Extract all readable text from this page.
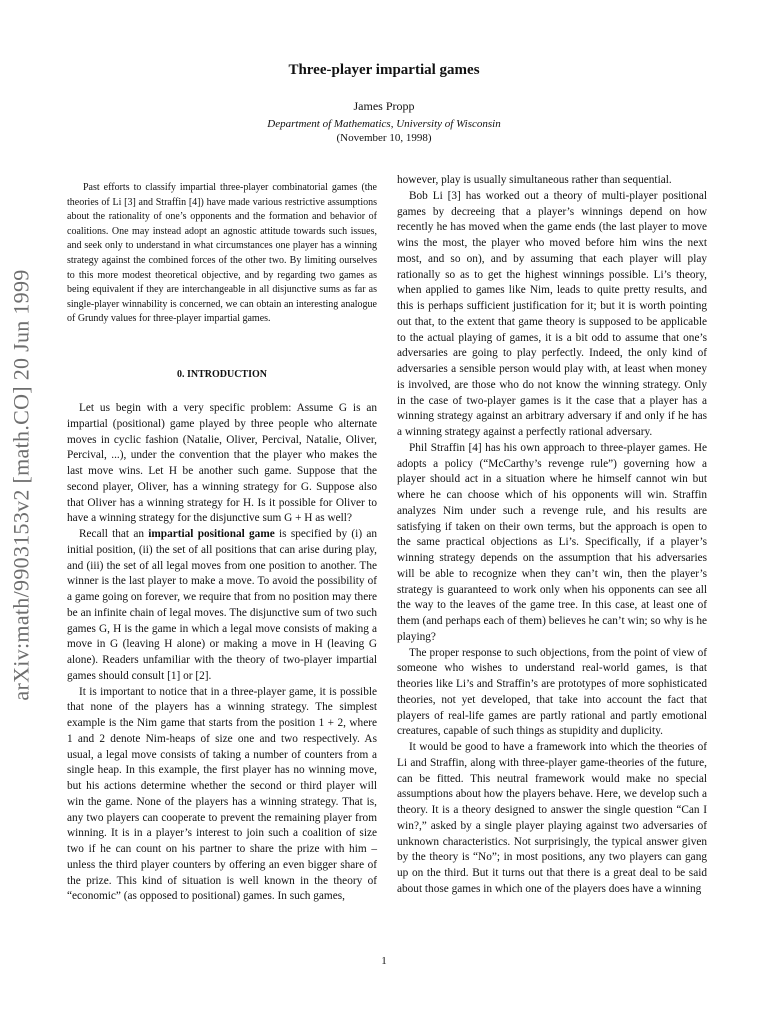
arXiv:math/9903153v2 [math.CO] 20 Jun 1999
Three-player impartial games
James Propp
Department of Mathematics, University of Wisconsin
(November 10, 1998)

Past efforts to classify impartial three-player combinatorial games (the theories of Li [3] and Straffin [4]) have made various restrictive assumptions about the rationality of one’s opponents and the formation and behavior of coalitions. One may instead adopt an agnostic attitude towards such issues, and seek only to understand in what circumstances one player has a winning strategy against the combined forces of the other two. By limiting ourselves to this more modest theoretical objective, and by regarding two games as being equivalent if they are interchangeable in all disjunctive sums as far as single-player winnability is concerned, we can obtain an interesting analogue of Grundy values for three-player impartial games.

0. INTRODUCTION

Let us begin with a very specific problem: Assume G is an impartial (positional) game played by three people who alternate moves in cyclic fashion (Natalie, Oliver, Percival, Natalie, Oliver, Percival, ...), under the convention that the player who makes the last move wins. Let H be another such game. Suppose that the second player, Oliver, has a winning strategy for G. Suppose also that Oliver has a winning strategy for H. Is it possible for Oliver to have a winning strategy for the disjunctive sum G + H as well?

Recall that an impartial positional game is specified by (i) an initial position, (ii) the set of all positions that can arise during play, and (iii) the set of all legal moves from one position to another. The winner is the last player to make a move. To avoid the possibility of a game going on forever, we require that from no position may there be an infinite chain of legal moves. The disjunctive sum of two such games G, H is the game in which a legal move consists of making a move in G (leaving H alone) or making a move in H (leaving G alone). Readers unfamiliar with the theory of two-player impartial games should consult [1] or [2].

It is important to notice that in a three-player game, it is possible that none of the players has a winning strategy. The simplest example is the Nim game that starts from the position 1 + 2, where 1 and 2 denote Nim-heaps of size one and two respectively. As usual, a legal move consists of taking a number of counters from a single heap. In this example, the first player has no winning move, but his actions determine whether the second or third player will win the game. None of the players has a winning strategy. That is, any two players can cooperate to prevent the remaining player from winning. It is in a player’s interest to join such a coalition of size two if he can count on his partner to share the prize with him – unless the third player counters by offering an even bigger share of the prize. This kind of situation is well known in the theory of “economic” (as opposed to positional) games. In such games,

however, play is usually simultaneous rather than sequential.

Bob Li [3] has worked out a theory of multi-player positional games by decreeing that a player’s winnings depend on how recently he has moved when the game ends (the last player to move wins the most, the player who moved before him wins the next most, and so on), and by assuming that each player will play rationally so as to get the highest winnings possible. Li’s theory, when applied to games like Nim, leads to quite pretty results, and this is perhaps sufficient justification for it; but it is worth pointing out that, to the extent that game theory is supposed to be applicable to the actual playing of games, it is a bit odd to assume that one’s adversaries are going to play perfectly. Indeed, the only kind of adversaries a sensible person would play with, at least when money is involved, are those who do not know the winning strategy. Only in the case of two-player games is it the case that a player has a winning strategy against an arbitrary adversary if and only if he has a winning strategy against a perfectly rational adversary.

Phil Straffin [4] has his own approach to three-player games. He adopts a policy (“McCarthy’s revenge rule”) governing how a player should act in a situation where he himself cannot win but where he can choose which of his opponents will win. Straffin analyzes Nim under such a revenge rule, and his results are satisfying if taken on their own terms, but the approach is open to the same practical objections as Li’s. Specifically, if a player’s winning strategy depends on the assumption that his adversaries will be able to recognize when they can’t win, then the player’s strategy is guaranteed to work only when his opponents can see all the way to the leaves of the game tree. In this case, at least one of them (and perhaps each of them) believes he can’t win; so why is he playing?

The proper response to such objections, from the point of view of someone who wishes to understand real-world games, is that theories like Li’s and Straffin’s are prototypes of more sophisticated theories, not yet developed, that take into account the fact that players of real-life games are partly rational and partly emotional creatures, capable of such things as stupidity and duplicity.

It would be good to have a framework into which the theories of Li and Straffin, along with three-player game-theories of the future, can be fitted. This neutral framework would make no special assumptions about how the players behave. Here, we develop such a theory. It is a theory designed to answer the single question “Can I win?,” asked by a single player playing against two adversaries of unknown characteristics. Not surprisingly, the typical answer given by the theory is “No”; in most positions, any two players can gang up on the third. But it turns out that there is a great deal to be said about those games in which one of the players does have a winning

1
